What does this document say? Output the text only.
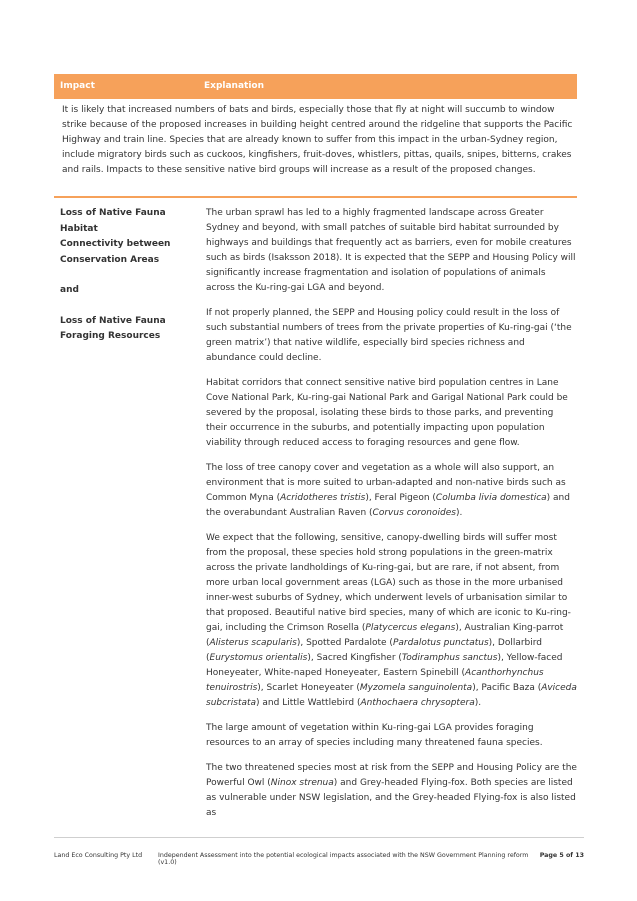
Impact	Explanation

It is likely that increased numbers of bats and birds, especially those that fly at night will succumb to window strike because of the proposed increases in building height centred around the ridgeline that supports the Pacific Highway and train line. Species that are already known to suffer from this impact in the urban-Sydney region, include migratory birds such as cuckoos, kingfishers, fruit-doves, whistlers, pittas, quails, snipes, bitterns, crakes and rails. Impacts to these sensitive native bird groups will increase as a result of the proposed changes.

Loss of Native Fauna Habitat
Connectivity between
Conservation Areas
and
Loss of Native Fauna
Foraging Resources

The urban sprawl has led to a highly fragmented landscape across Greater Sydney and beyond, with small patches of suitable bird habitat surrounded by highways and buildings that frequently act as barriers, even for mobile creatures such as birds (Isaksson 2018). It is expected that the SEPP and Housing Policy will significantly increase fragmentation and isolation of populations of animals across the Ku-ring-gai LGA and beyond.

If not properly planned, the SEPP and Housing policy could result in the loss of such substantial numbers of trees from the private properties of Ku-ring-gai (‘the green matrix’) that native wildlife, especially bird species richness and abundance could decline.

Habitat corridors that connect sensitive native bird population centres in Lane Cove National Park, Ku-ring-gai National Park and Garigal National Park could be severed by the proposal, isolating these birds to those parks, and preventing their occurrence in the suburbs, and potentially impacting upon population viability through reduced access to foraging resources and gene flow.

The loss of tree canopy cover and vegetation as a whole will also support, an environment that is more suited to urban-adapted and non-native birds such as Common Myna (Acridotheres tristis), Feral Pigeon (Columba livia domestica) and the overabundant Australian Raven (Corvus coronoides).

We expect that the following, sensitive, canopy-dwelling birds will suffer most from the proposal, these species hold strong populations in the green-matrix across the private landholdings of Ku-ring-gai, but are rare, if not absent, from more urban local government areas (LGA) such as those in the more urbanised inner-west suburbs of Sydney, which underwent levels of urbanisation similar to that proposed. Beautiful native bird species, many of which are iconic to Ku-ring-gai, including the Crimson Rosella (Platycercus elegans), Australian King-parrot (Alisterus scapularis), Spotted Pardalote (Pardalotus punctatus), Dollarbird (Eurystomus orientalis), Sacred Kingfisher (Todiramphus sanctus), Yellow-faced Honeyeater, White-naped Honeyeater, Eastern Spinebill (Acanthorhynchus tenuirostris), Scarlet Honeyeater (Myzomela sanguinolenta), Pacific Baza (Aviceda subcristata) and Little Wattlebird (Anthochaera chrysoptera).

The large amount of vegetation within Ku-ring-gai LGA provides foraging resources to an array of species including many threatened fauna species.

The two threatened species most at risk from the SEPP and Housing Policy are the Powerful Owl (Ninox strenua) and Grey-headed Flying-fox. Both species are listed as vulnerable under NSW legislation, and the Grey-headed Flying-fox is also listed as

Land Eco Consulting Pty Ltd	Independent Assessment into the potential ecological impacts associated with the NSW Government Planning reform (v1.0)
Page 5 of 13
